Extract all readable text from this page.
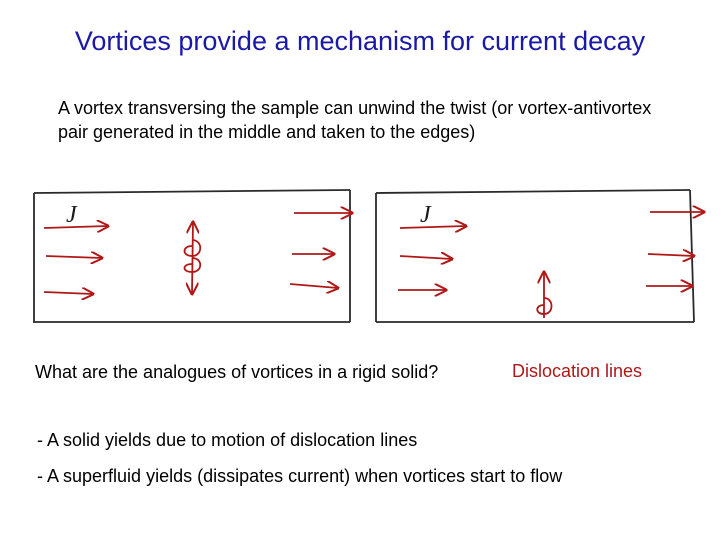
Vortices provide a mechanism for current decay
A vortex transversing the sample can unwind the twist (or vortex-antivortex pair generated in the middle and taken to the edges)
J⃗	J⃗
What are the analogues of vortices in a rigid solid?	Dislocation lines
- A solid yields due to motion of dislocation lines
- A superfluid yields (dissipates current) when vortices start to flow
